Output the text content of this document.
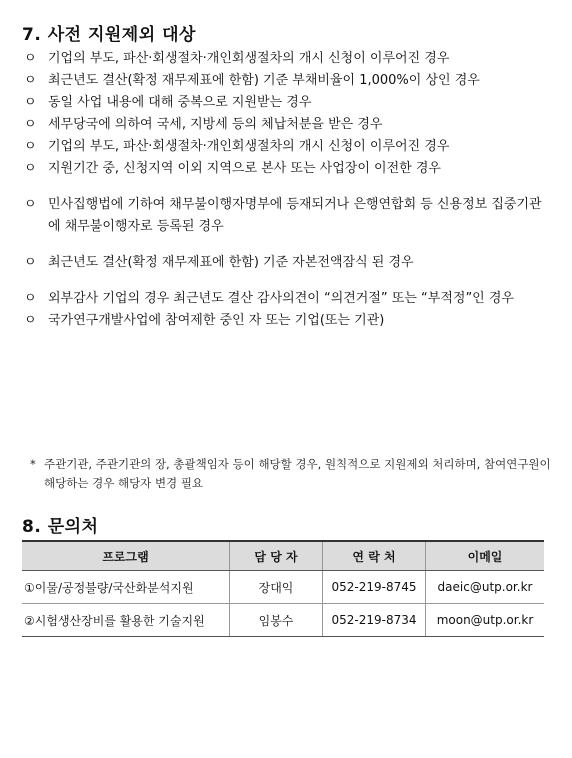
7. 사전 지원제외 대상
ㅇ 기업의 부도, 파산·회생절차·개인회생절차의 개시 신청이 이루어진 경우
ㅇ 최근년도 결산(확정 재무제표에 한함) 기준 부채비율이 1,000%이 상인 경우
ㅇ 동일 사업 내용에 대해 중복으로 지원받는 경우
ㅇ 세무당국에 의하여 국세, 지방세 등의 체납처분을 받은 경우
ㅇ 기업의 부도, 파산·회생절차·개인회생절차의 개시 신청이 이루어진 경우
ㅇ 지원기간 중, 신청지역 이외 지역으로 본사 또는 사업장이 이전한 경우
ㅇ 민사집행법에 기하여 채무불이행자명부에 등재되거나 은행연합회 등 신용정보 집중기관에 채무불이행자로 등록된 경우
ㅇ 최근년도 결산(확정 재무제표에 한함) 기준 자본전액잠식 된 경우
ㅇ 외부감사 기업의 경우 최근년도 결산 감사의견이 “의견거절” 또는 “부적정”인 경우
ㅇ 국가연구개발사업에 참여제한 중인 자 또는 기업(또는 기관)
* 주관기관, 주관기관의 장, 총괄책임자 등이 해당할 경우, 원칙적으로 지원제외 처리하며, 참여연구원이 해당하는 경우 해당자 변경 필요
8. 문의처
프로그램	담 당 자	연 락 처	이메일
①이물/공정불량/국산화분석지원	장대익	052-219-8745	daeic@utp.or.kr
②시험생산장비를 활용한 기술지원	임봉수	052-219-8734	moon@utp.or.kr
